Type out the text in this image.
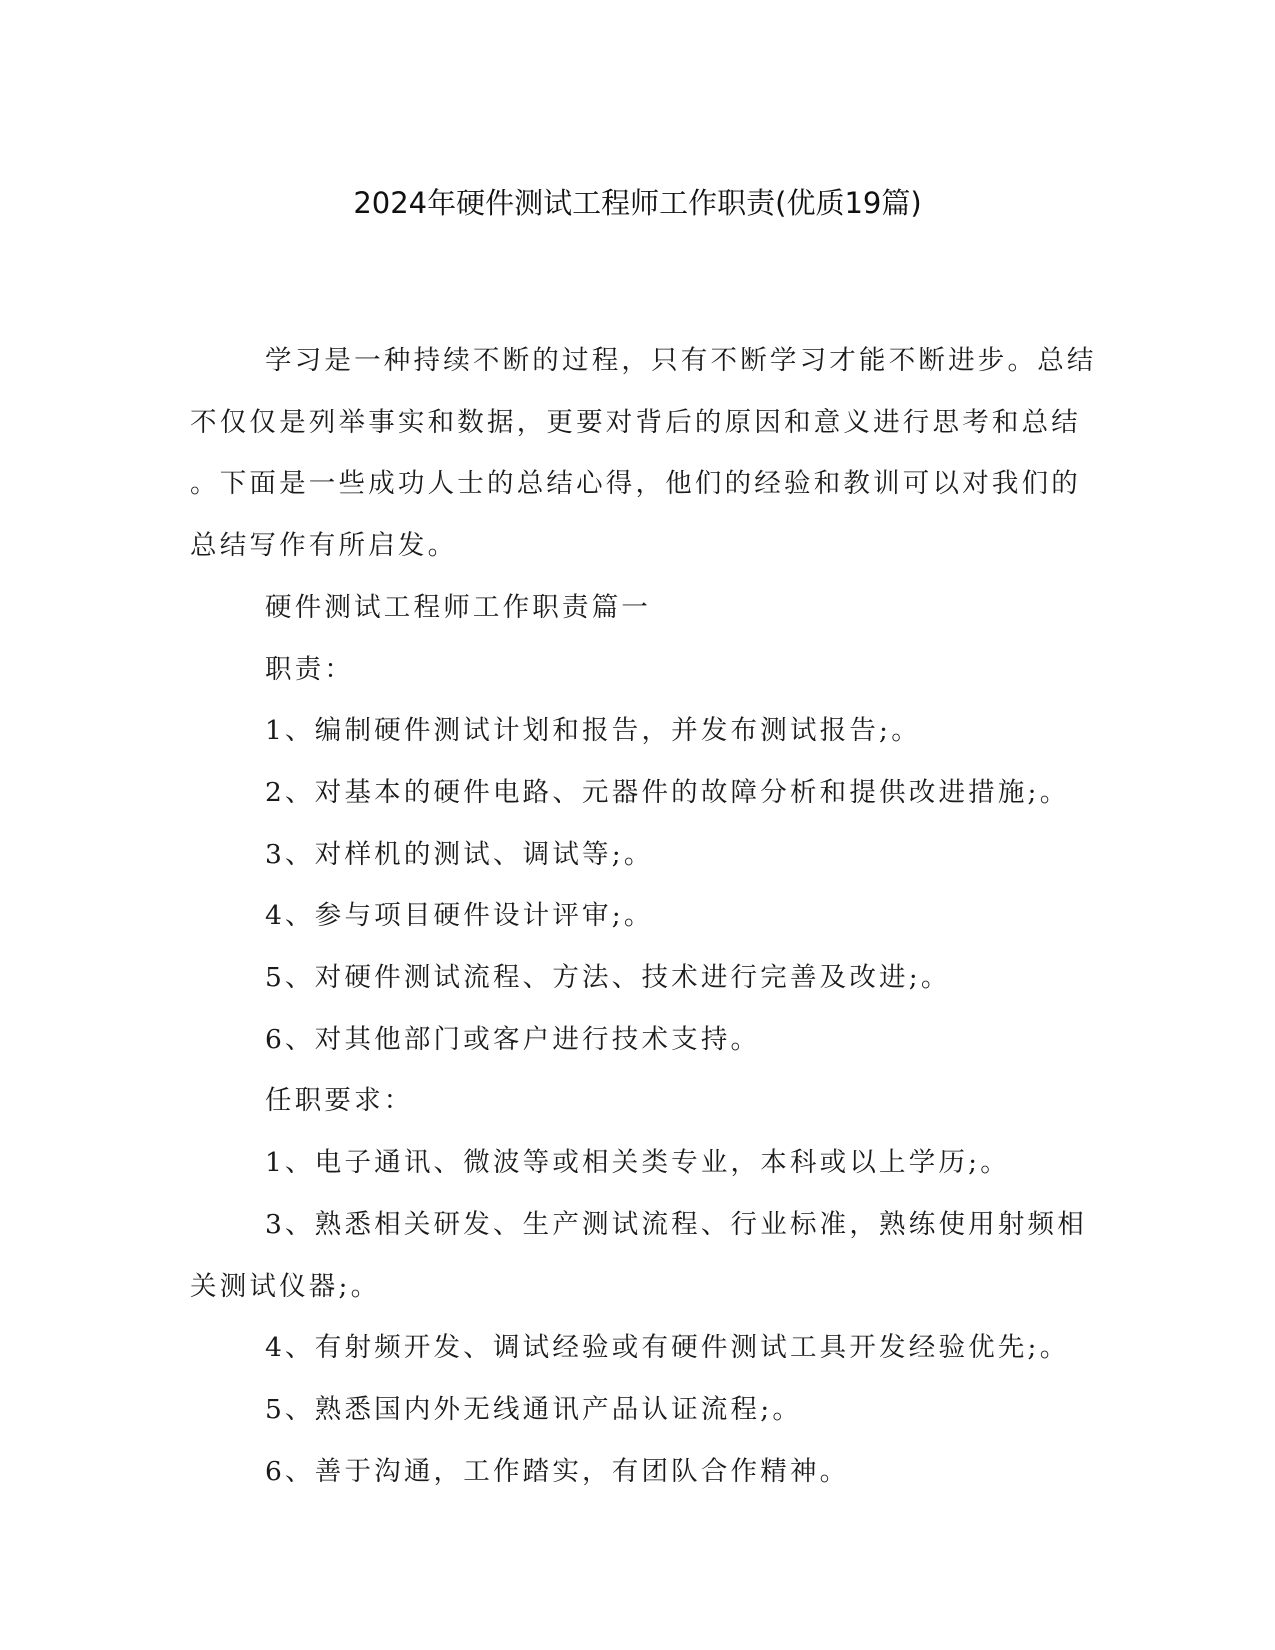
2024年硬件测试工程师工作职责(优质19篇)
学习是一种持续不断的过程，只有不断学习才能不断进步。总结
不仅仅是列举事实和数据，更要对背后的原因和意义进行思考和总结
。下面是一些成功人士的总结心得，他们的经验和教训可以对我们的
总结写作有所启发。
硬件测试工程师工作职责篇一
职责：
1、编制硬件测试计划和报告，并发布测试报告;。
2、对基本的硬件电路、元器件的故障分析和提供改进措施;。
3、对样机的测试、调试等;。
4、参与项目硬件设计评审;。
5、对硬件测试流程、方法、技术进行完善及改进;。
6、对其他部门或客户进行技术支持。
任职要求：
1、电子通讯、微波等或相关类专业，本科或以上学历;。
3、熟悉相关研发、生产测试流程、行业标准，熟练使用射频相
关测试仪器;。
4、有射频开发、调试经验或有硬件测试工具开发经验优先;。
5、熟悉国内外无线通讯产品认证流程;。
6、善于沟通，工作踏实，有团队合作精神。
